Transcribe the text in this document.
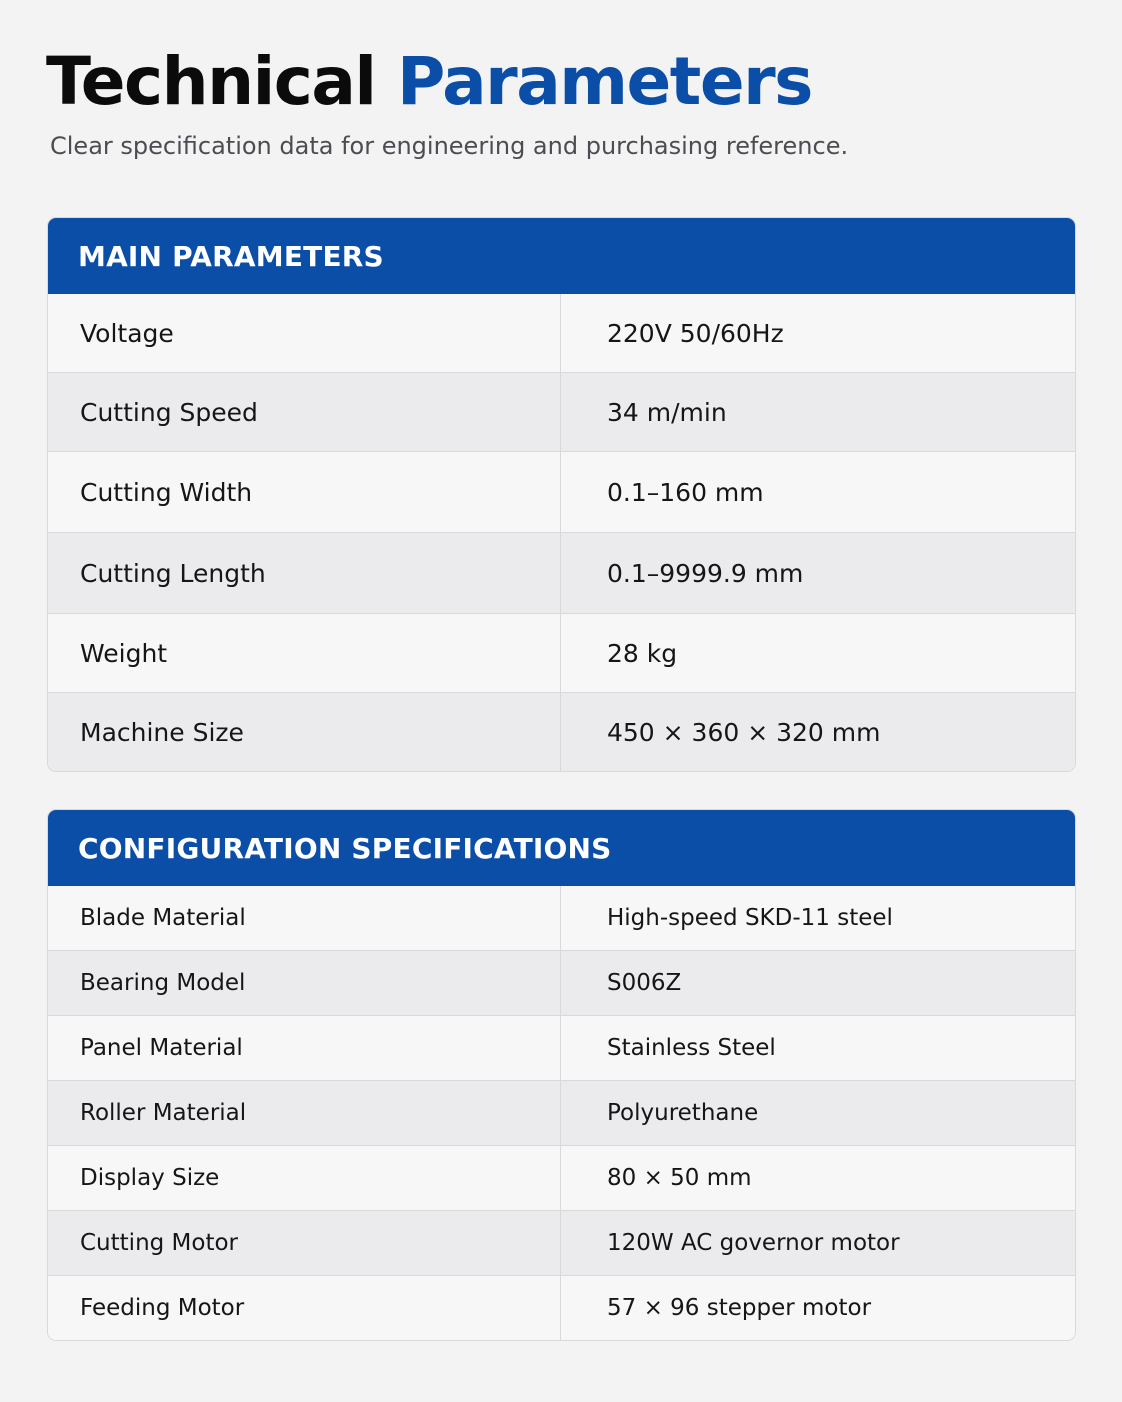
Technical Parameters

Clear specification data for engineering and purchasing reference.

MAIN PARAMETERS
Voltage	220V 50/60Hz
Cutting Speed	34 m/min
Cutting Width	0.1–160 mm
Cutting Length	0.1–9999.9 mm
Weight	28 kg
Machine Size	450 × 360 × 320 mm
CONFIGURATION SPECIFICATIONS
Blade Material	High-speed SKD-11 steel
Bearing Model	S006Z
Panel Material	Stainless Steel
Roller Material	Polyurethane
Display Size	80 × 50 mm
Cutting Motor	120W AC governor motor
Feeding Motor	57 × 96 stepper motor
